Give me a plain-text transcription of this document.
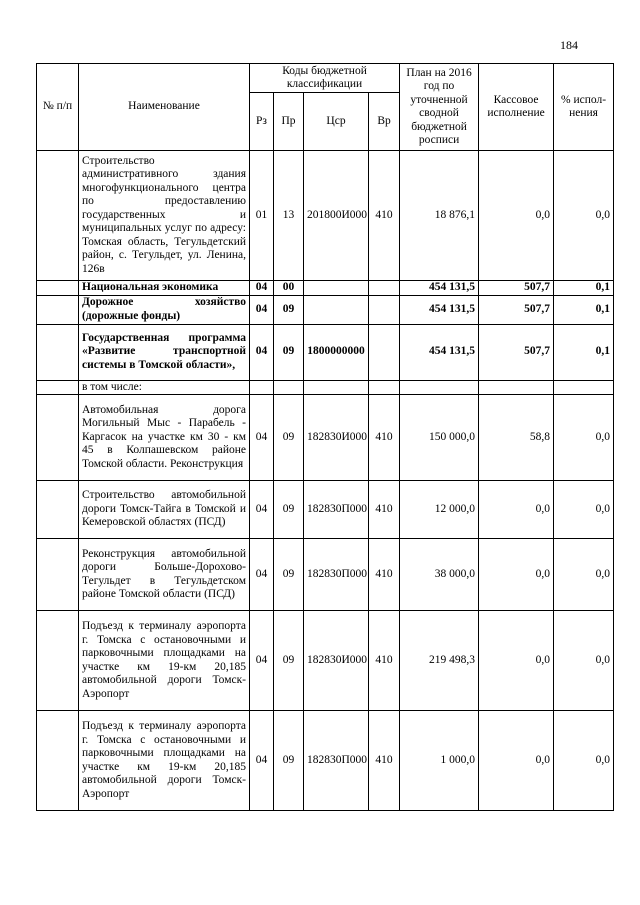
184
№ п/п	Наименование	Коды бюджетной классификации				План на 2016 год по уточненной сводной бюджетной росписи	Кассовое исполнение	% испол-нения
		Рз	Пр	Цср	Вр			
	Строительство административного здания многофункционального центра по предоставлению государственных и муниципальных услуг по адресу: Томская область, Тегульдетский район, с. Тегульдет, ул. Ленина, 126в	01	13	201800И000	410	18 876,1	0,0	0,0
	Национальная экономика	04	00			454 131,5	507,7	0,1
	Дорожное хозяйство (дорожные фонды)	04	09			454 131,5	507,7	0,1
	Государственная программа «Развитие транспортной системы в Томской области»,	04	09	1800000000		454 131,5	507,7	0,1
	в том числе:							
	Автомобильная дорога Могильный Мыс - Парабель - Каргасок на участке км 30 - км 45 в Колпашевском районе Томской области. Реконструкция	04	09	182830И000	410	150 000,0	58,8	0,0
	Строительство автомобильной дороги Томск-Тайга в Томской и Кемеровской областях (ПСД)	04	09	182830П000	410	12 000,0	0,0	0,0
	Реконструкция автомобильной дороги Больше-Дорохово-Тегульдет в Тегульдетском районе Томской области (ПСД)	04	09	182830П000	410	38 000,0	0,0	0,0
	Подъезд к терминалу аэропорта г. Томска с остановочными и парковочными площадками на участке км 19-км 20,185 автомобильной дороги Томск-Аэропорт	04	09	182830И000	410	219 498,3	0,0	0,0
	Подъезд к терминалу аэропорта г. Томска с остановочными и парковочными площадками на участке км 19-км 20,185 автомобильной дороги Томск-Аэропорт	04	09	182830П000	410	1 000,0	0,0	0,0
